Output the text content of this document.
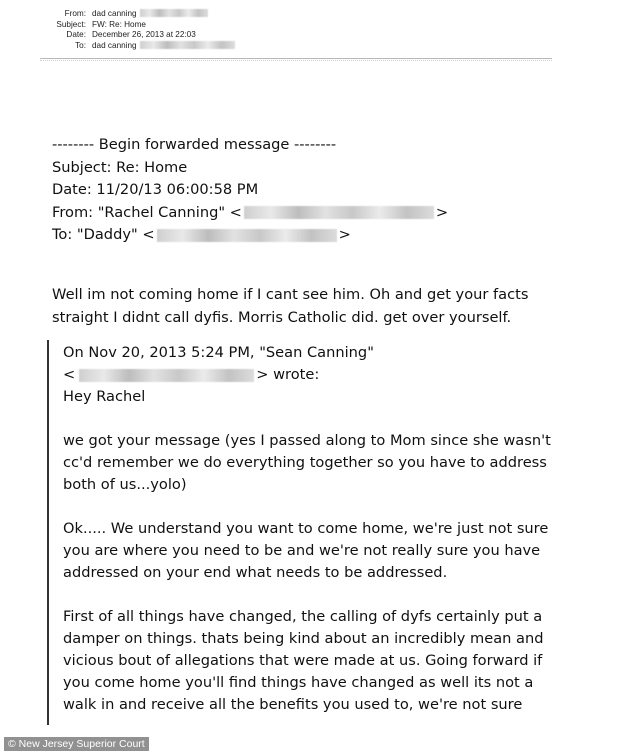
From: dad canning
Subject: FW: Re: Home
Date: December 26, 2013 at 22:03
To: dad canning
-------- Begin forwarded message --------
Subject: Re: Home
Date: 11/20/13 06:00:58 PM
From: "Rachel Canning" <	>
To: "Daddy" <	>
Well im not coming home if I cant see him. Oh and get your facts
straight I didnt call dyfis. Morris Catholic did. get over yourself.
On Nov 20, 2013 5:24 PM, "Sean Canning"
<	> wrote:
Hey Rachel
we got your message (yes I passed along to Mom since she wasn't
cc'd remember we do everything together so you have to address
both of us...yolo)
Ok..... We understand you want to come home, we're just not sure
you are where you need to be and we're not really sure you have
addressed on your end what needs to be addressed.
First of all things have changed, the calling of dyfs certainly put a
damper on things. thats being kind about an incredibly mean and
vicious bout of allegations that were made at us. Going forward if
you come home you'll find things have changed as well its not a
walk in and receive all the benefits you used to, we're not sure
© New Jersey Superior Court
